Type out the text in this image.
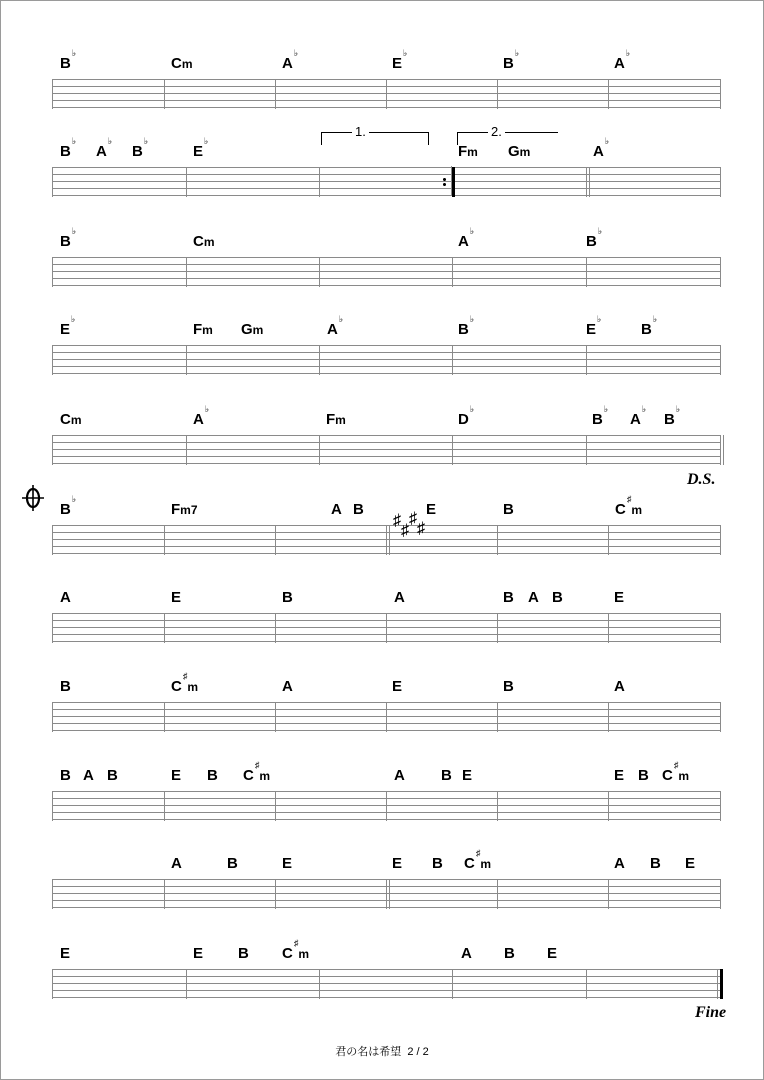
D.S.
Fine
君の名は希望 2 / 2
B♭
Cm	A♭
E♭
B♭
A♭
B♭
A♭
B♭
E♭
Fm Gm	A♭
B♭
Cm	A♭
B♭
E♭
Fm Gm	A♭
B♭
E♭
B♭
Cm	A♭
Fm	D♭
B♭
A♭
B♭
B♭
Fm7	A B	E	B	C♯m
A	E	B	A	B A B	E
B	C♯m	A	E	B	A
B A B	E B C♯m	A B E	E B C♯m
A	B	E	E B C♯m	A B E
E	E B C♯m	A B E
1.	2.
♯
♯
♯
♯
